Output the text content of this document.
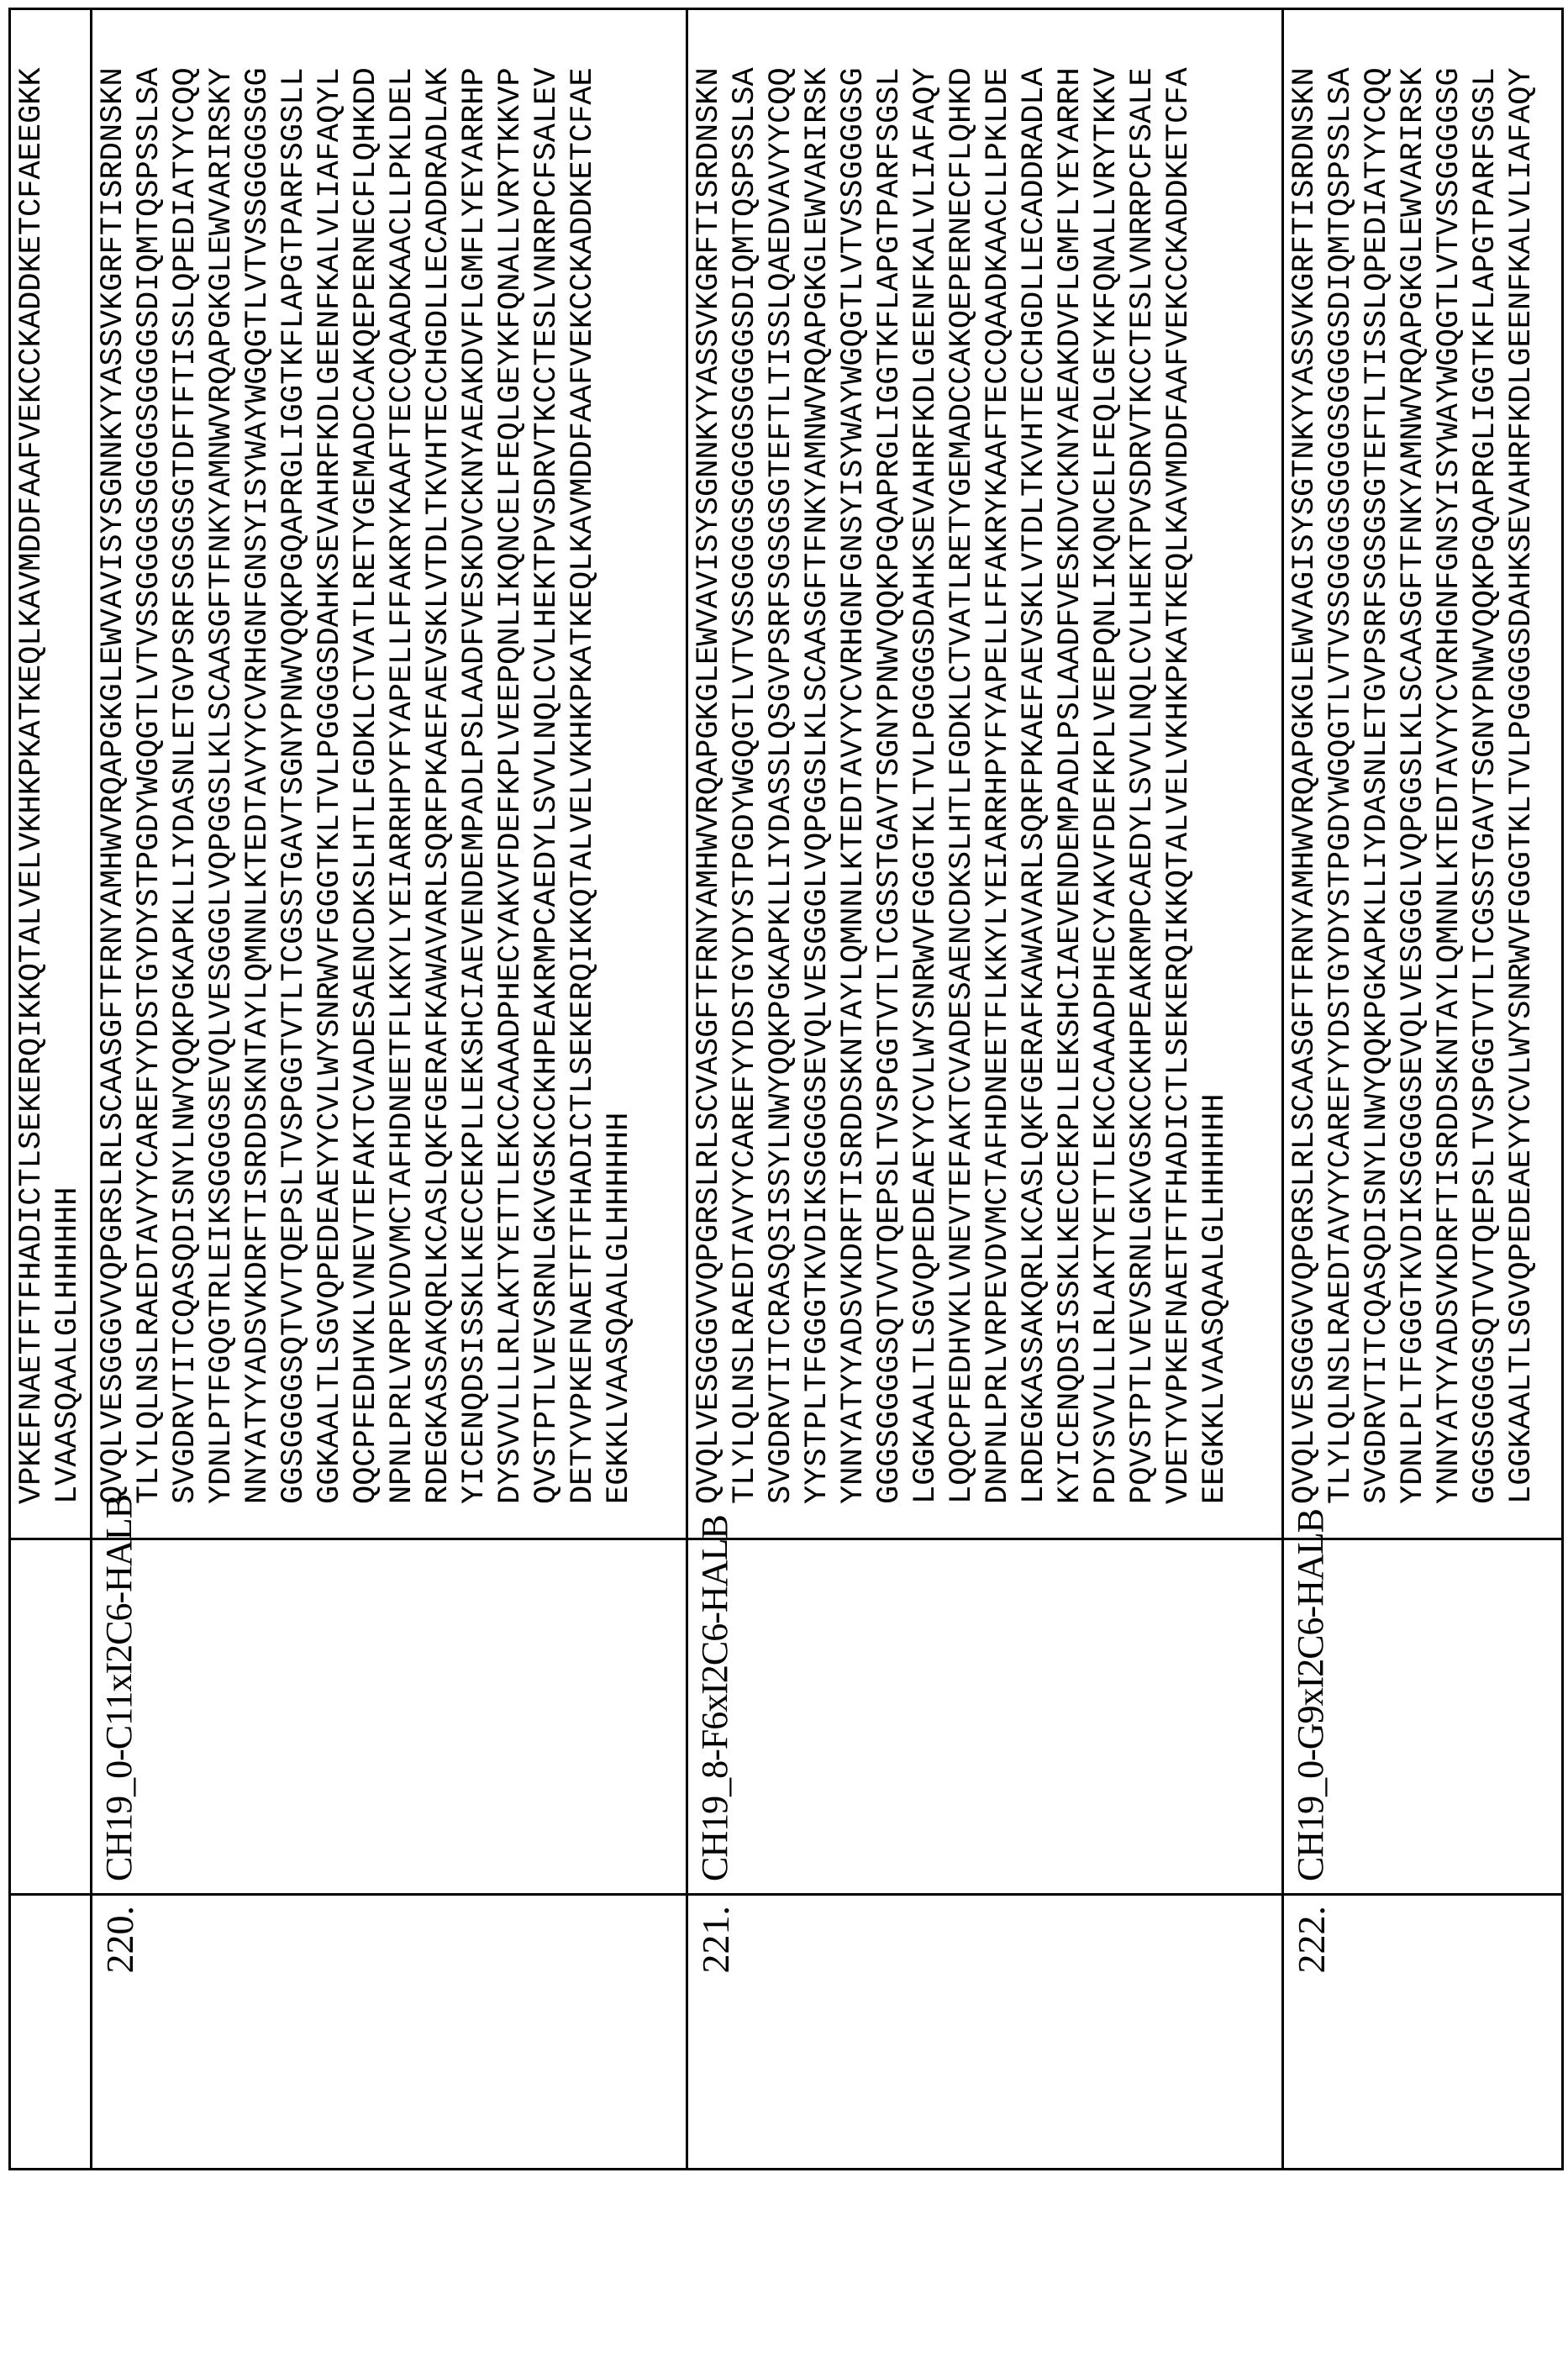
VPKEFNAETFTFHADICTLSEKERQIKKQTALVELVKHKPKATKEQLKAVMDDFAAFVEKCCKADDKETCFAEEGKK LVAASQAALGLHHHHHH

220.

CH19_0-C11xI2C6-HALB

QVQLVESGGGVVQPGRSLRLSCAASGFTFRNYAMHWVRQAPGKGLEWVAVISYSGNNKYYASSVKGRFTISRDNSKN TLYLQLNSLRAEDTAVYYCAREFYYDSTGYDYSTPGDYWGQGTLVTVSSGGGGSGGGGSGGGGSDIQMTQSPSSLSA SVGDRVTITCQASQDISNYLNWYQQKPGKAPKLLIYDASNLETGVPSRFSGSGSGTDFTFTISSLQPEDIATYYCQQ YDNLPTFGQGTRLEIKSGGGGSEVQLVESGGGLVQPGGSLKLSCAASGFTFNKYAMNWVRQAPGKGLEWVARIRSKY NNYATYYADSVKDRFTISRDDSKNTAYLQMNNLKTEDTAVYYCVRHGNFGNSYISYWAYWGQGTLVTVSSGGGGSGG GGSGGGGSQTVVTQEPSLTVSPGGTVTLTCGSSTGAVTSGNYPNWVQQKPGQAPRGLIGGTKFLAPGTPARFSGSLL GGKAALTLSGVQPEDEAEYYCVLWYSNRWVFGGGTKLTVLPGGGGSDAHKSEVAHRFKDLGEENFKALVLIAFAQYL QQCPFEDHVKLVNEVTEFAKTCVADESAENCDKSLHTLFGDKLCTVATLRETYGEMADCCAKQEPERNECFLQHKDD NPNLPRLVRPEVDVMCTAFHDNEETFLKKYLYEIARRHPYFYAPELLFFAKRYKAAFTECCQAADKAACLLPKLDEL RDEGKASSAKQRLKCASLQKFGERAFKAWAVARLSQRFPKAEFAEVSKLVTDLTKVHTECCHGDLLECADDRADLAK YICENQDSISSKLKECCEKPLLEKSHCIAEVENDEMPADLPSLAADFVESKDVCKNYAEAKDVFLGMFLYEYARRHP DYSVVLLLRLAKTYETTLEKCCAAADPHECYAKVFDEFKPLVEEPQNLIKQNCELFEQLGEYKFQNALLVRYTKKVP QVSTPTLVEVSRNLGKVGSKCCKHPEAKRMPCAEDYLSVVLNQLCVLHEKTPVSDRVTKCCTESLVNRRPCFSALEV DETYVPKEFNAETFTFHADICTLSEKERQIKKQTALVELVKHKPKATKEQLKAVMDDFAAFVEKCCKADDKETCFAE EGKKLVAASQAALGLHHHHHH

221.

CH19_8-F6xI2C6-HALB

QVQLVESGGGVVQPGRSLRLSCVASGFTFRNYAMHWVRQAPGKGLEWVAVISYSGNNKYYASSVKGRFTISRDNSKN TLYLQLNSLRAEDTAVYYCAREFYYDSTGYDYSTPGDYWGQGTLVTVSSGGGGSGGGGSGGGGSDIQMTQSPSSLSA SVGDRVTITCRASQSISSYLNWYQQKPGKAPKLLIYDASSLQSGVPSRFSGSGSGTEFTLTISSLQAEDVAVYYCQQ YYSTPLTFGGGTKVDIKSGGGGSEVQLVESGGGLVQPGGSLKLSCAASGFTFNKYAMNWVRQAPGKGLEWVARIRSK YNNYATYYADSVKDRFTISRDDSKNTAYLQMNNLKTEDTAVYYCVRHGNFGNSYISYWAYWGQGTLVTVSSGGGGSG GGGSGGGGSQTVVTQEPSLTVSPGGTVTLTCGSSTGAVTSGNYPNWVQQKPGQAPRGLIGGTKFLAPGTPARFSGSL LGGKAALTLSGVQPEDEAEYYCVLWYSNRWVFGGGTKLTVLPGGGGSDAHKSEVAHRFKDLGEENFKALVLIAFAQY LQQCPFEDHVKLVNEVTEFAKTCVADESAENCDKSLHTLFGDKLCTVATLRETYGEMADCCAKQEPERNECFLQHKD DNPNLPRLVRPEVDVMCTAFHDNEETFLKKYLYEIARRHPYFYAPELLFFAKRYKAAFTECCQAADKAACLLPKLDE LRDEGKASSAKQRLKCASLQKFGERAFKAWAVARLSQRFPKAEFAEVSKLVTDLTKVHTECCHGDLLECADDRADLA KYICENQDSISSKLKECCEKPLLEKSHCIAEVENDEMPADLPSLAADFVESKDVCKNYAEAKDVFLGMFLYEYARRH PDYSVVLLLRLAKTYETTLEKCCAAADPHECYAKVFDEFKPLVEEPQNLIKQNCELFEQLGEYKFQNALLVRYTKKV PQVSTPTLVEVSRNLGKVGSKCCKHPEAKRMPCAEDYLSVVLNQLCVLHEKTPVSDRVTKCCTESLVNRRPCFSALE VDETYVPKEFNAETFTFHADICTLSEKERQIKKQTALVELVKHKPKATKEQLKAVMDDFAAFVEKCCKADDKETCFA EEGKKLVAASQAALGLHHHHHH

222.

CH19_0-G9xI2C6-HALB

QVQLVESGGGVVQPGRSLRLSCAASGFTFRNYAMHWVRQAPGKGLEWVAGISYSGTNKYYASSVKGRFTISRDNSKN TLYLQLNSLRAEDTAVYYCAREFYYDSTGYDYSTPGDYWGQGTLVTVSSGGGGSGGGGSGGGGSDIQMTQSPSSLSA SVGDRVTITCQASQDISNYLNWYQQKPGKAPKLLIYDASNLETGVPSRFSGSGSGTEFTLTISSLQPEDIATYYCQQ YDNLPLTFGGGTKVDIKSGGGGSEVQLVESGGGLVQPGGSLKLSCAASGFTFNKYAMNWVRQAPGKGLEWVARIRSK YNNYATYYADSVKDRFTISRDDSKNTAYLQMNNLKTEDTAVYYCVRHGNFGNSYISYWAYWGQGTLVTVSSGGGGSG GGGSGGGGSQTVVTQEPSLTVSPGGTVTLTCGSSTGAVTSGNYPNWVQQKPGQAPRGLIGGTKFLAPGTPARFSGSL LGGKAALTLSGVQPEDEAEYYCVLWYSNRWVFGGGTKLTVLPGGGGSDAHKSEVAHRFKDLGEENFKALVLIAFAQY
